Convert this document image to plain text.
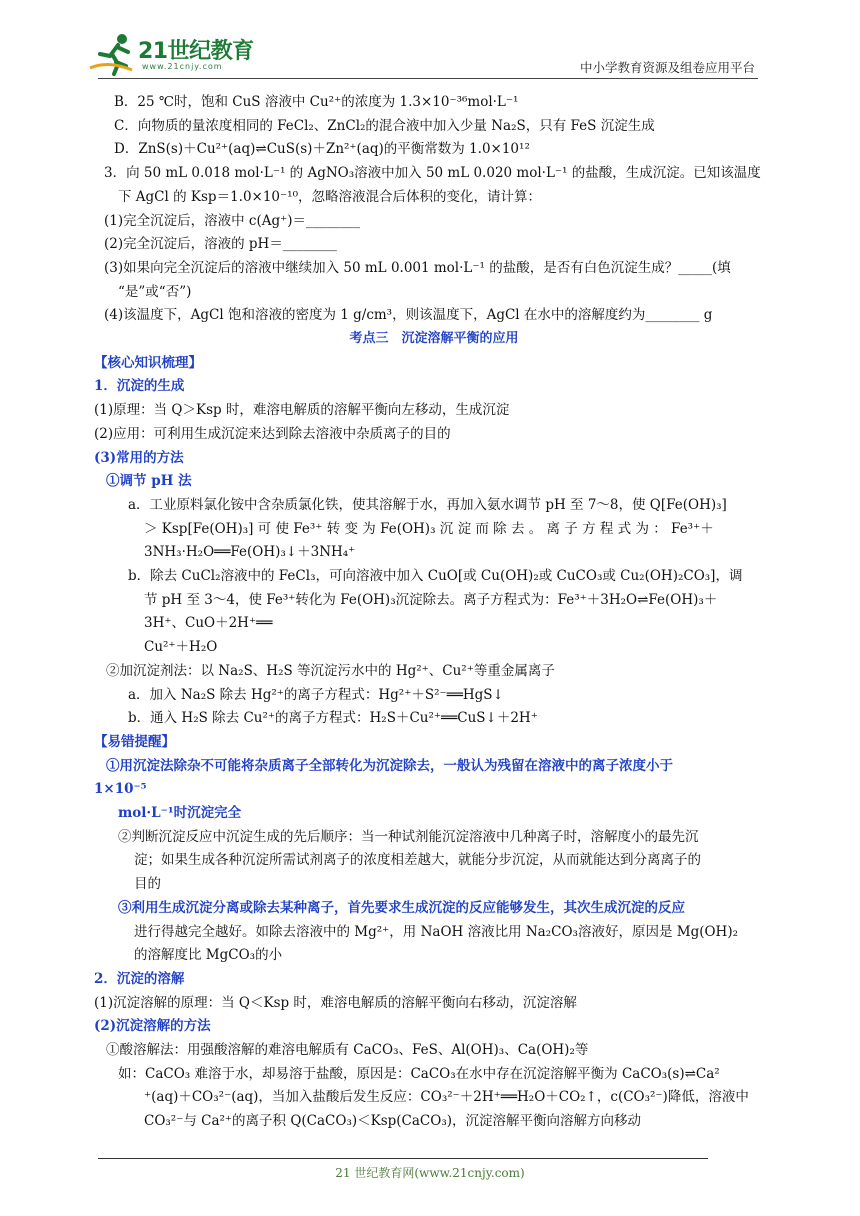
21世纪教育
www.21cnjy.com	中小学教育资源及组卷应用平台
B．25 ℃时，饱和 CuS 溶液中 Cu²⁺的浓度为 1.3×10⁻³⁶mol·L⁻¹
C．向物质的量浓度相同的 FeCl₂、ZnCl₂的混合液中加入少量 Na₂S，只有 FeS 沉淀生成
D．ZnS(s)＋Cu²⁺(aq)⇌CuS(s)＋Zn²⁺(aq)的平衡常数为 1.0×10¹²
3．向 50 mL 0.018 mol·L⁻¹ 的 AgNO₃溶液中加入 50 mL 0.020 mol·L⁻¹ 的盐酸，生成沉淀。已知该温度
下 AgCl 的 Ksp＝1.0×10⁻¹⁰，忽略溶液混合后体积的变化，请计算：
(1)完全沉淀后，溶液中 c(Ag⁺)＝________
(2)完全沉淀后，溶液的 pH＝________
(3)如果向完全沉淀后的溶液中继续加入 50 mL 0.001 mol·L⁻¹ 的盐酸，是否有白色沉淀生成？_____(填
“是”或“否”)
(4)该温度下，AgCl 饱和溶液的密度为 1 g/cm³，则该温度下，AgCl 在水中的溶解度约为________ g
考点三　沉淀溶解平衡的应用
【核心知识梳理】
1．沉淀的生成
(1)原理：当 Q＞Ksp 时，难溶电解质的溶解平衡向左移动，生成沉淀
(2)应用：可利用生成沉淀来达到除去溶液中杂质离子的目的
(3)常用的方法
①调节 pH 法
a．工业原料氯化铵中含杂质氯化铁，使其溶解于水，再加入氨水调节 pH 至 7～8，使 Q[Fe(OH)₃]
＞ Ksp[Fe(OH)₃] 可 使 Fe³⁺ 转 变 为 Fe(OH)₃ 沉 淀 而 除 去 。 离 子 方 程 式 为 ： Fe³⁺＋
3NH₃·H₂O══Fe(OH)₃↓＋3NH₄⁺
b．除去 CuCl₂溶液中的 FeCl₃，可向溶液中加入 CuO[或 Cu(OH)₂或 CuCO₃或 Cu₂(OH)₂CO₃]，调
节 pH 至 3～4，使 Fe³⁺转化为 Fe(OH)₃沉淀除去。离子方程式为：Fe³⁺＋3H₂O⇌Fe(OH)₃＋
3H⁺、CuO＋2H⁺══
Cu²⁺＋H₂O
②加沉淀剂法：以 Na₂S、H₂S 等沉淀污水中的 Hg²⁺、Cu²⁺等重金属离子
a．加入 Na₂S 除去 Hg²⁺的离子方程式：Hg²⁺＋S²⁻══HgS↓
b．通入 H₂S 除去 Cu²⁺的离子方程式：H₂S＋Cu²⁺══CuS↓＋2H⁺
【易错提醒】
①用沉淀法除杂不可能将杂质离子全部转化为沉淀除去，一般认为残留在溶液中的离子浓度小于
1×10⁻⁵
mol·L⁻¹时沉淀完全
②判断沉淀反应中沉淀生成的先后顺序：当一种试剂能沉淀溶液中几种离子时，溶解度小的最先沉
淀；如果生成各种沉淀所需试剂离子的浓度相差越大，就能分步沉淀，从而就能达到分离离子的
目的
③利用生成沉淀分离或除去某种离子，首先要求生成沉淀的反应能够发生，其次生成沉淀的反应
进行得越完全越好。如除去溶液中的 Mg²⁺，用 NaOH 溶液比用 Na₂CO₃溶液好，原因是 Mg(OH)₂
的溶解度比 MgCO₃的小
2．沉淀的溶解
(1)沉淀溶解的原理：当 Q＜Ksp 时，难溶电解质的溶解平衡向右移动，沉淀溶解
(2)沉淀溶解的方法
①酸溶解法：用强酸溶解的难溶电解质有 CaCO₃、FeS、Al(OH)₃、Ca(OH)₂等
如：CaCO₃ 难溶于水，却易溶于盐酸，原因是：CaCO₃在水中存在沉淀溶解平衡为 CaCO₃(s)⇌Ca²
⁺(aq)＋CO₃²⁻(aq)，当加入盐酸后发生反应：CO₃²⁻＋2H⁺══H₂O＋CO₂↑，c(CO₃²⁻)降低，溶液中
CO₃²⁻与 Ca²⁺的离子积 Q(CaCO₃)＜Ksp(CaCO₃)，沉淀溶解平衡向溶解方向移动
21 世纪教育网(www.21cnjy.com)
